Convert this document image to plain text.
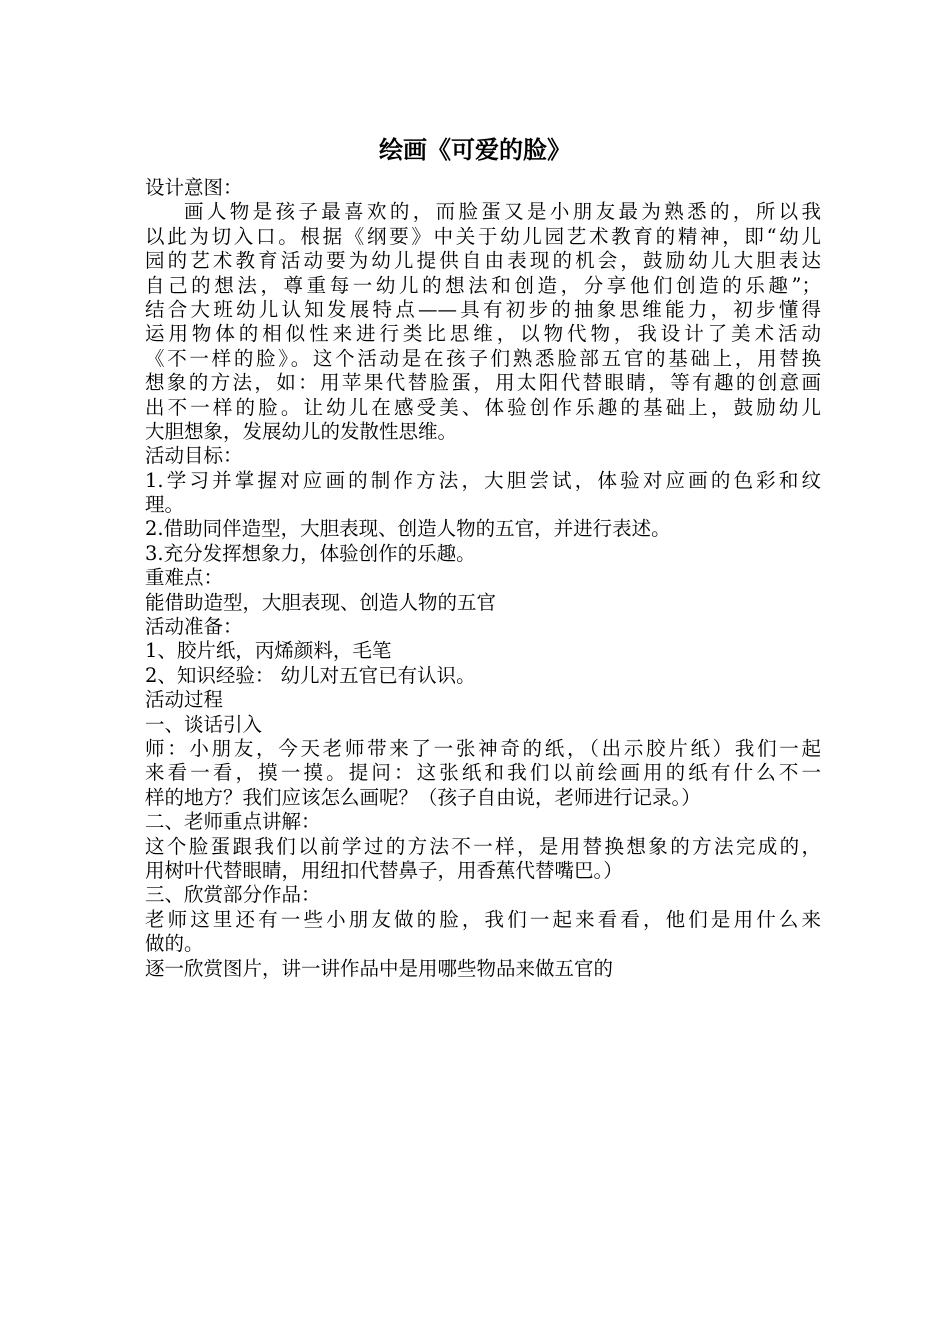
绘画《可爱的脸》
设计意图：
画人物是孩子最喜欢的，而脸蛋又是小朋友最为熟悉的，所以我
以此为切入口。根据《纲要》中关于幼儿园艺术教育的精神，即“幼儿
园的艺术教育活动要为幼儿提供自由表现的机会，鼓励幼儿大胆表达
自己的想法，尊重每一幼儿的想法和创造，分享他们创造的乐趣”；
结合大班幼儿认知发展特点——具有初步的抽象思维能力，初步懂得
运用物体的相似性来进行类比思维，以物代物，我设计了美术活动
《不一样的脸》。这个活动是在孩子们熟悉脸部五官的基础上，用替换
想象的方法，如：用苹果代替脸蛋，用太阳代替眼睛，等有趣的创意画
出不一样的脸。让幼儿在感受美、体验创作乐趣的基础上，鼓励幼儿
大胆想象，发展幼儿的发散性思维。
活动目标：
1.学习并掌握对应画的制作方法，大胆尝试，体验对应画的色彩和纹
理。
2.借助同伴造型，大胆表现、创造人物的五官，并进行表述。
3.充分发挥想象力，体验创作的乐趣。
重难点：
能借助造型，大胆表现、创造人物的五官
活动准备：
1、胶片纸，丙烯颜料，毛笔
2、知识经验： 幼儿对五官已有认识。
活动过程
一、谈话引入
师：小朋友，今天老师带来了一张神奇的纸，（出示胶片纸）我们一起
来看一看，摸一摸。提问：这张纸和我们以前绘画用的纸有什么不一
样的地方？我们应该怎么画呢？（孩子自由说，老师进行记录。）
二、老师重点讲解：
这个脸蛋跟我们以前学过的方法不一样，是用替换想象的方法完成的，
用树叶代替眼睛，用纽扣代替鼻子，用香蕉代替嘴巴。）
三、欣赏部分作品：
老师这里还有一些小朋友做的脸，我们一起来看看，他们是用什么来
做的。
逐一欣赏图片，讲一讲作品中是用哪些物品来做五官的
